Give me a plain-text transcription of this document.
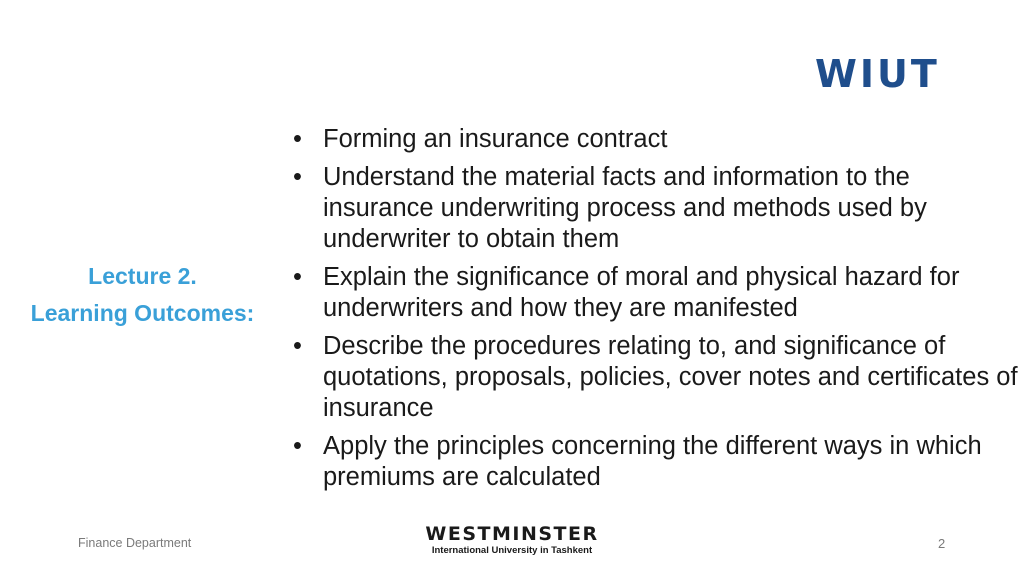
WIUT
Lecture 2.
Learning Outcomes:
• Forming an insurance contract
• Understand the material facts and information to the insurance underwriting process and methods used by underwriter to obtain them
• Explain the significance of moral and physical hazard for underwriters and how they are manifested
• Describe the procedures relating to, and significance of quotations, proposals, policies, cover notes and certificates of insurance
• Apply the principles concerning the different ways in which premiums are calculated
Finance Department	WESTMINSTER
International University in Tashkent	2
